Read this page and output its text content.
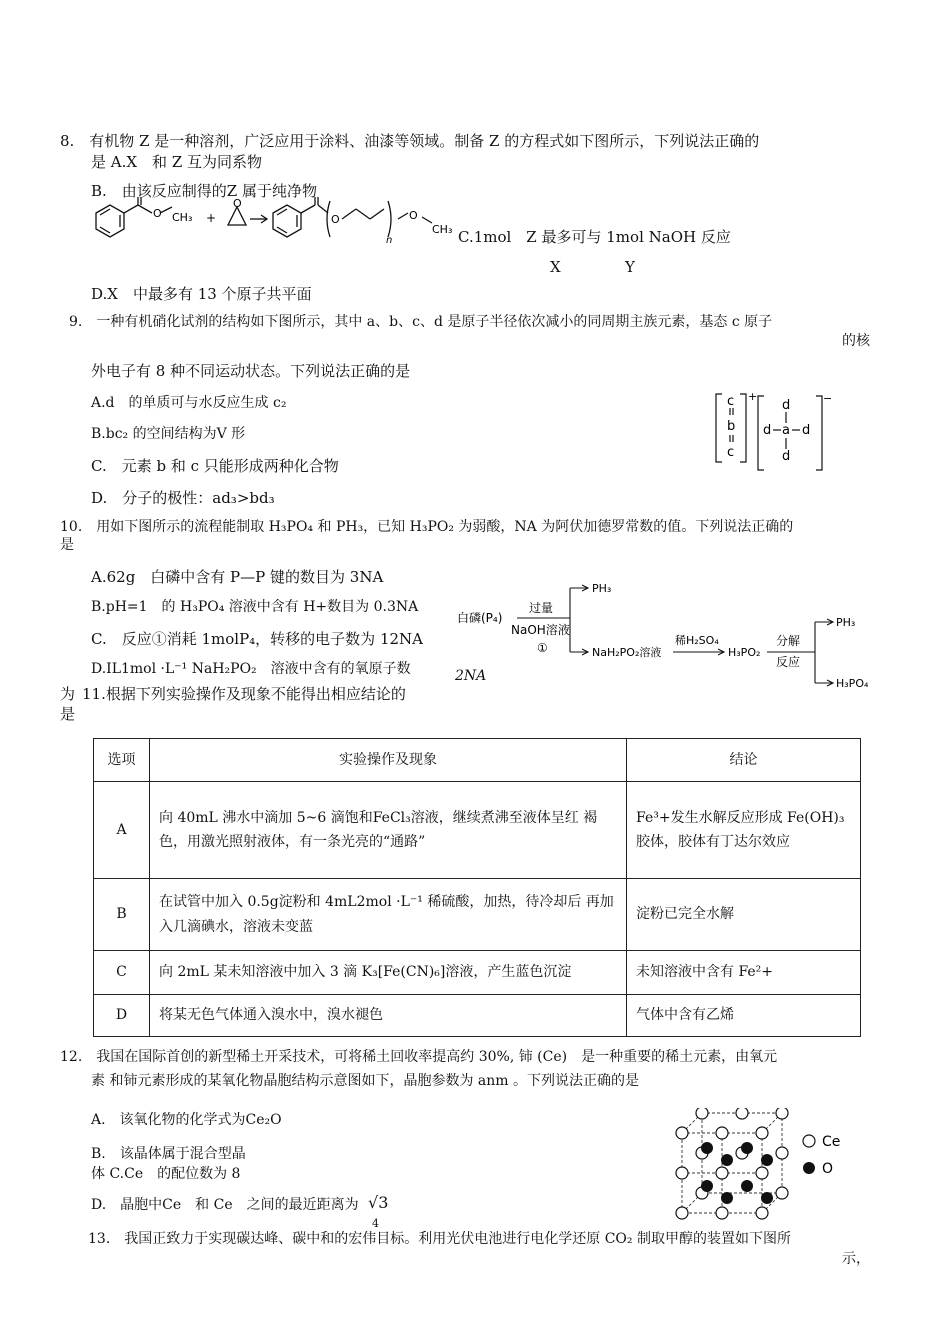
8.　有机物 Z 是一种溶剂，广泛应用于涂料、油漆等领域。制备 Z 的方程式如下图所示，下列说法正确的
是 A.X　和 Z 互为同系物
B.　由该反应制得的Z 属于纯净物
O CH₃ +
O
O
n
O
CH₃ C.1mol　Z 最多可与 1mol NaOH 反应
X	Y
D.X　中最多有 13 个原子共平面
9.　一种有机硝化试剂的结构如下图所示，其中 a、b、c、d 是原子半径依次减小的同周期主族元素，基态 c 原子
的核
外电子有 8 种不同运动状态。下列说法正确的是
A.d　的单质可与水反应生成 c₂
B.bc₂ 的空间结构为V 形
C.　元素 b 和 c 只能形成两种化合物
D.　分子的极性：ad₃>bd₃
c
b
c
+
d
d a d
d
−
10.　用如下图所示的流程能制取 H₃PO₄ 和 PH₃，已知 H₃PO₂ 为弱酸，NA 为阿伏加德罗常数的值。下列说法正确的
是
A.62g　白磷中含有 P—P 键的数目为 3NA
B.pH=1　的 H₃PO₄ 溶液中含有 H+数目为 0.3NA
C.　反应①消耗 1molP₄，转移的电子数为 12NA
D.IL1mol ·L⁻¹ NaH₂PO₂　溶液中含有的氧原子数	2NA
为
白磷(P₄)
过量
NaOH溶液
①
PH₃
NaH₂PO₂溶液
稀H₂SO₄
H₃PO₂
分解
反应
PH₃
H₃PO₄
11.根据下列实验操作及现象不能得出相应结论的
是
选项	实验操作及现象	结论
A	向 40mL 沸水中滴加 5~6 滴饱和FeCl₃溶液，继续煮沸至液体呈红 褐色，用激光照射液体，有一条光亮的“通路”	Fe³+发生水解反应形成 Fe(OH)₃胶体，胶体有丁达尔效应
B	在试管中加入 0.5g淀粉和 4mL2mol ·L⁻¹ 稀硫酸，加热，待冷却后 再加入几滴碘水，溶液未变蓝	淀粉已完全水解
C	向 2mL 某未知溶液中加入 3 滴 K₃[Fe(CN)₆]溶液，产生蓝色沉淀	未知溶液中含有 Fe²+
D	将某无色气体通入溴水中，溴水褪色	气体中含有乙烯
12.　我国在国际首创的新型稀土开采技术，可将稀土回收率提高约 30%, 铈 (Ce)　是一种重要的稀土元素，由氧元
素 和铈元素形成的某氧化物晶胞结构示意图如下，晶胞参数为 anm 。下列说法正确的是
A.　该氧化物的化学式为Ce₂O
B.　该晶体属于混合型晶
体 C.Ce　的配位数为 8
D.　晶胞中Ce　和 Ce　之间的最近距离为 √3
4
Ce
O
13.　我国正致力于实现碳达峰、碳中和的宏伟目标。利用光伏电池进行电化学还原 CO₂ 制取甲醇的装置如下图所
示，
